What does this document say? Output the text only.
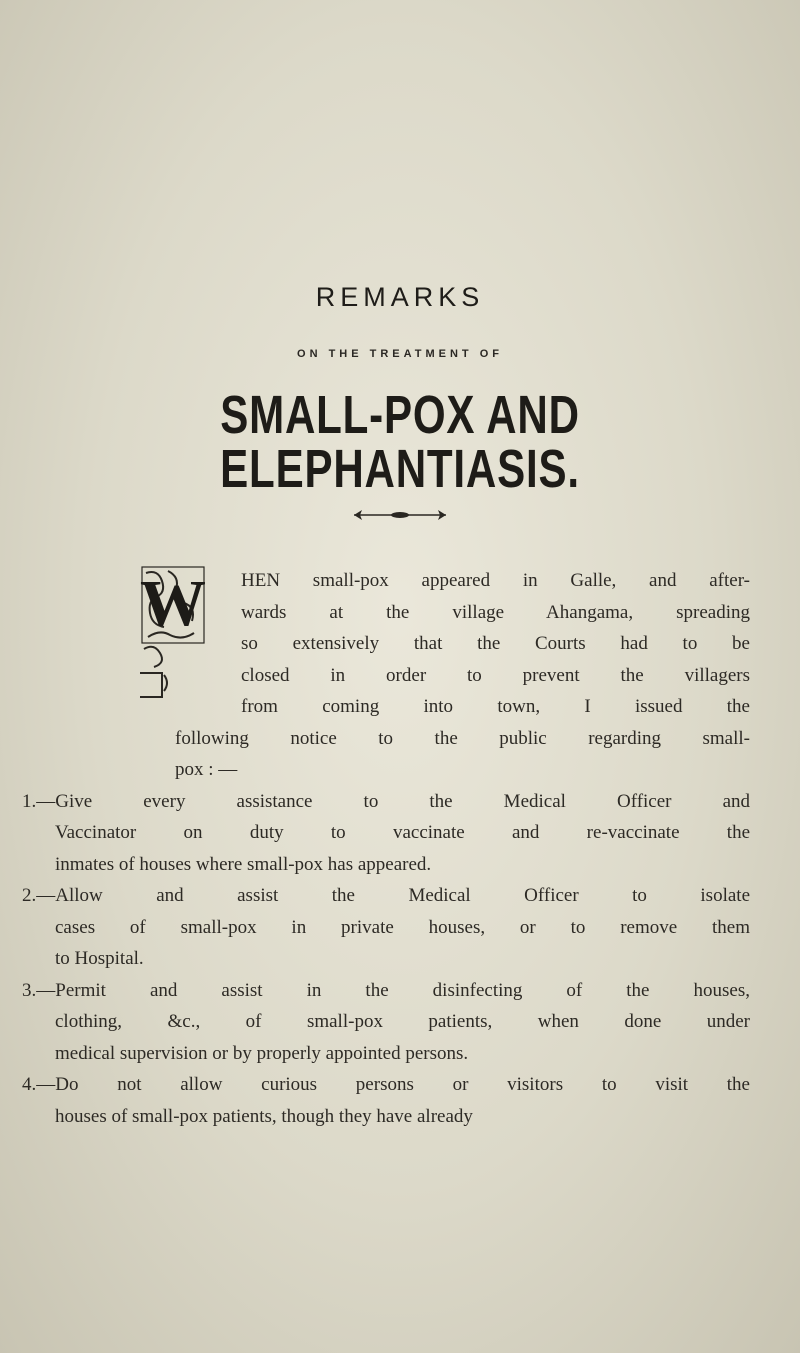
REMARKS
ON THE TREATMENT OF
SMALL-POX AND ELEPHANTIASIS.
W	HEN small-pox appeared in Galle, and after-
wards at the village Ahangama, spreading
so extensively that the Courts had to be
closed in order to prevent the villagers
from coming into town, I issued the
following notice to the public regarding small-
pox : —
1.—Give every assistance to the Medical Officer and
Vaccinator on duty to vaccinate and re-vaccinate the
inmates of houses where small-pox has appeared.
2.—Allow and assist the Medical Officer to isolate
cases of small-pox in private houses, or to remove them
to Hospital.
3.—Permit and assist in the disinfecting of the houses,
clothing, &c., of small-pox patients, when done under
medical supervision or by properly appointed persons.
4.—Do not allow curious persons or visitors to visit the
houses of small-pox patients, though they have already
